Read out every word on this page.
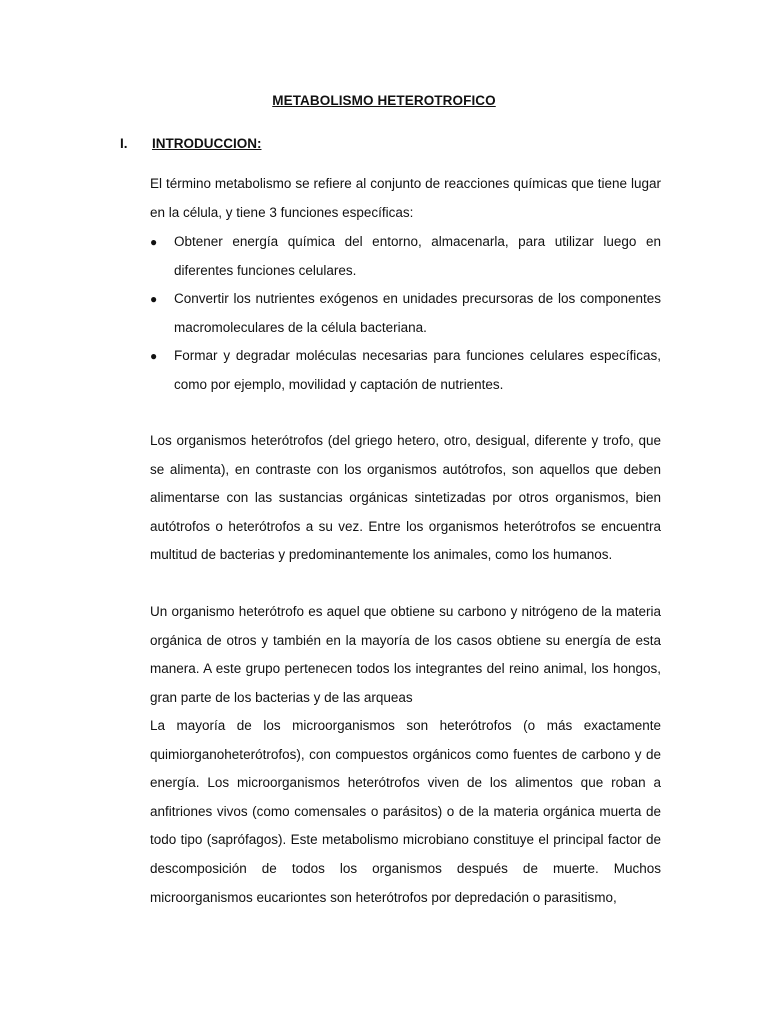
METABOLISMO HETEROTROFICO
I. INTRODUCCION:

El término metabolismo se refiere al conjunto de reacciones químicas que tiene lugar en la célula, y tiene 3 funciones específicas:

● Obtener energía química del entorno, almacenarla, para utilizar luego en diferentes funciones celulares.
● Convertir los nutrientes exógenos en unidades precursoras de los componentes macromoleculares de la célula bacteriana.
● Formar y degradar moléculas necesarias para funciones celulares específicas, como por ejemplo, movilidad y captación de nutrientes.

Los organismos heterótrofos (del griego hetero, otro, desigual, diferente y trofo, que se alimenta), en contraste con los organismos autótrofos, son aquellos que deben alimentarse con las sustancias orgánicas sintetizadas por otros organismos, bien autótrofos o heterótrofos a su vez. Entre los organismos heterótrofos se encuentra multitud de bacterias y predominantemente los animales, como los humanos.

Un organismo heterótrofo es aquel que obtiene su carbono y nitrógeno de la materia orgánica de otros y también en la mayoría de los casos obtiene su energía de esta manera. A este grupo pertenecen todos los integrantes del reino animal, los hongos, gran parte de los bacterias y de las arqueas

La mayoría de los microorganismos son heterótrofos (o más exactamente quimiorganoheterótrofos), con compuestos orgánicos como fuentes de carbono y de energía. Los microorganismos heterótrofos viven de los alimentos que roban a anfitriones vivos (como comensales o parásitos) o de la materia orgánica muerta de todo tipo (saprófagos). Este metabolismo microbiano constituye el principal factor de descomposición de todos los organismos después de muerte. Muchos microorganismos eucariontes son heterótrofos por depredación o parasitismo,
